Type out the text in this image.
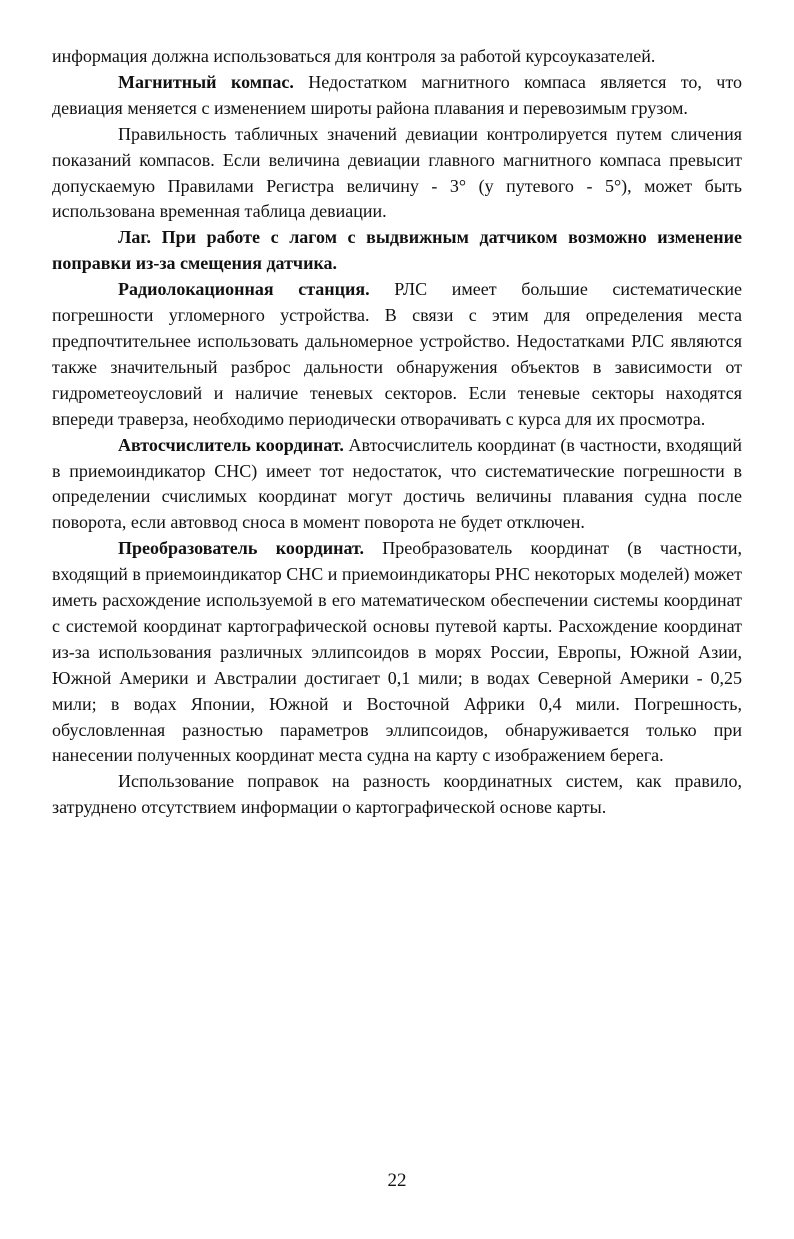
информация должна использоваться для контроля за работой курсоуказателей.

Магнитный компас. Недостатком магнитного компаса является то, что девиация меняется с изменением широты района плавания и перевозимым грузом.

Правильность табличных значений девиации контролируется путем сличения показаний компасов. Если величина девиации главного магнитного компаса превысит допускаемую Правилами Регистра величину - 3° (у путевого - 5°), может быть использована временная таблица девиации.

Лаг. При работе с лагом с выдвижным датчиком возможно изменение поправки из-за смещения датчика.

Радиолокационная станция. РЛС имеет большие систематические погрешности угломерного устройства. В связи с этим для определения места предпочтительнее использовать дальномерное устройство. Недостатками РЛС являются также значительный разброс дальности обнаружения объектов в зависимости от гидрометеоусловий и наличие теневых секторов. Если теневые секторы находятся впереди траверза, необходимо периодически отворачивать с курса для их просмотра.

Автосчислитель координат. Автосчислитель координат (в частности, входящий в приемоиндикатор СНС) имеет тот недостаток, что систематические погрешности в определении счислимых координат могут достичь величины плавания судна после поворота, если автоввод сноса в момент поворота не будет отключен.

Преобразователь координат. Преобразователь координат (в частности, входящий в приемоиндикатор СНС и приемоиндикаторы РНС некоторых моделей) может иметь расхождение используемой в его математическом обеспечении системы координат с системой координат картографической основы путевой карты. Расхождение координат из-за использования различных эллипсоидов в морях России, Европы, Южной Азии, Южной Америки и Австралии достигает 0,1 мили; в водах Северной Америки - 0,25 мили; в водах Японии, Южной и Восточной Африки 0,4 мили. Погрешность, обусловленная разностью параметров эллипсоидов, обнаруживается только при нанесении полученных координат места судна на карту с изображением берега.

Использование поправок на разность координатных систем, как правило, затруднено отсутствием информации о картографической основе карты.

22
